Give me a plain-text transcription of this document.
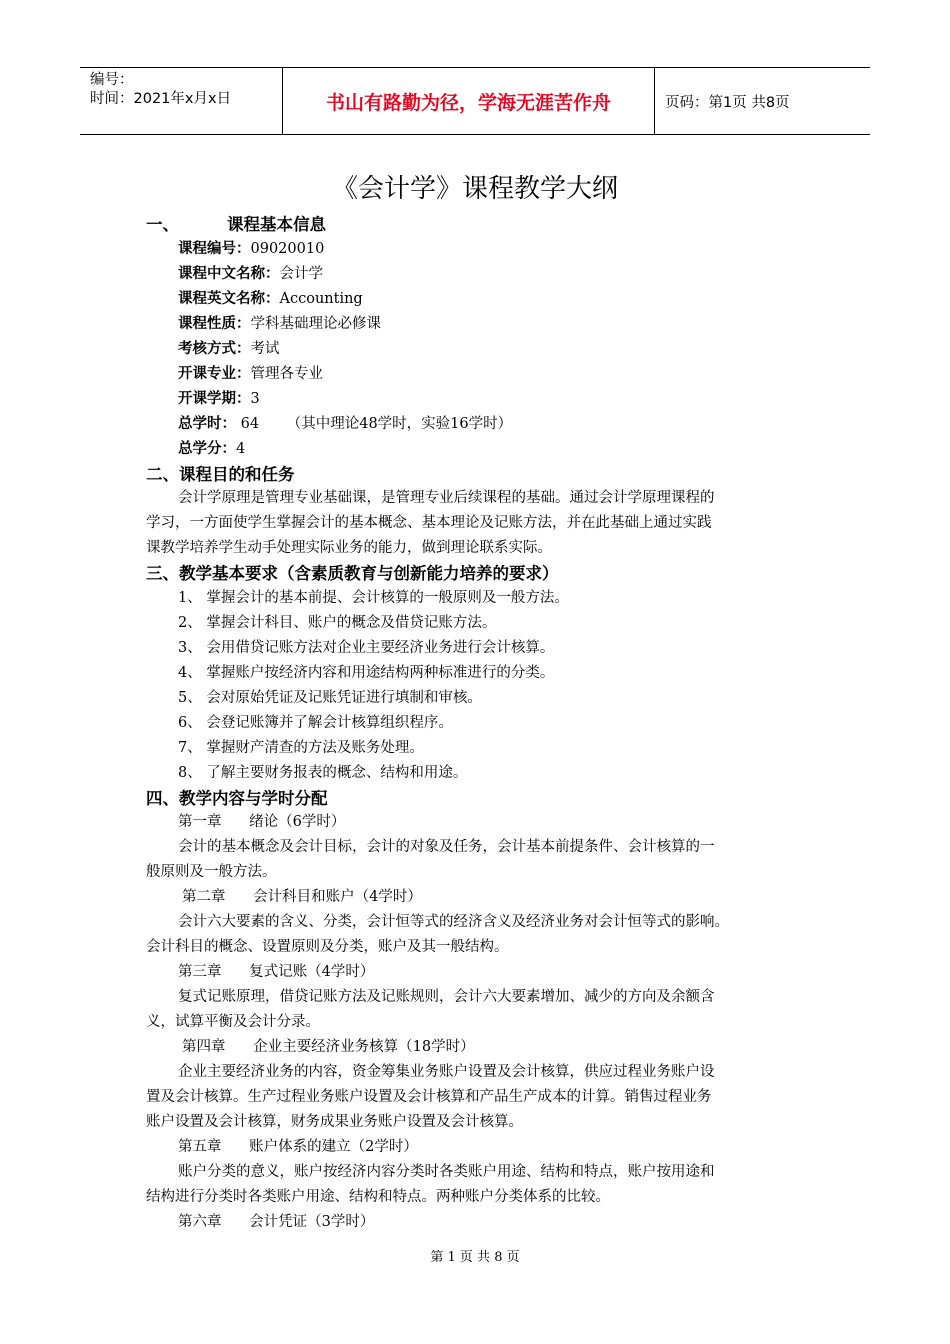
编号：
时间：2021年x月x日	书山有路勤为径，学海无涯苦作舟	页码：第1页 共8页
《会计学》课程教学大纲
一、	课程基本信息
课程编号：09020010
课程中文名称：会计学
课程英文名称：Accounting
课程性质：学科基础理论必修课
考核方式：考试
开课专业：管理各专业
开课学期：3
总学时： 64      （其中理论48学时，实验16学时）
总学分：4
二、课程目的和任务
会计学原理是管理专业基础课，是管理专业后续课程的基础。通过会计学原理课程的
学习，一方面使学生掌握会计的基本概念、基本理论及记账方法，并在此基础上通过实践
课教学培养学生动手处理实际业务的能力，做到理论联系实际。
三、教学基本要求（含素质教育与创新能力培养的要求）
1、 掌握会计的基本前提、会计核算的一般原则及一般方法。
2、 掌握会计科目、账户的概念及借贷记账方法。
3、 会用借贷记账方法对企业主要经济业务进行会计核算。
4、 掌握账户按经济内容和用途结构两种标准进行的分类。
5、 会对原始凭证及记账凭证进行填制和审核。
6、 会登记账簿并了解会计核算组织程序。
7、 掌握财产清查的方法及账务处理。
8、 了解主要财务报表的概念、结构和用途。
四、教学内容与学时分配
第一章      绪论（6学时）
会计的基本概念及会计目标，会计的对象及任务，会计基本前提条件、会计核算的一
般原则及一般方法。
第二章      会计科目和账户（4学时）
会计六大要素的含义、分类，会计恒等式的经济含义及经济业务对会计恒等式的影响。
会计科目的概念、设置原则及分类，账户及其一般结构。
第三章      复式记账（4学时）
复式记账原理，借贷记账方法及记账规则，会计六大要素增加、减少的方向及余额含
义，试算平衡及会计分录。
第四章      企业主要经济业务核算（18学时）
企业主要经济业务的内容，资金筹集业务账户设置及会计核算，供应过程业务账户设
置及会计核算。生产过程业务账户设置及会计核算和产品生产成本的计算。销售过程业务
账户设置及会计核算，财务成果业务账户设置及会计核算。
第五章      账户体系的建立（2学时）
账户分类的意义，账户按经济内容分类时各类账户用途、结构和特点，账户按用途和
结构进行分类时各类账户用途、结构和特点。两种账户分类体系的比较。
第六章      会计凭证（3学时）
第 1 页 共 8 页
